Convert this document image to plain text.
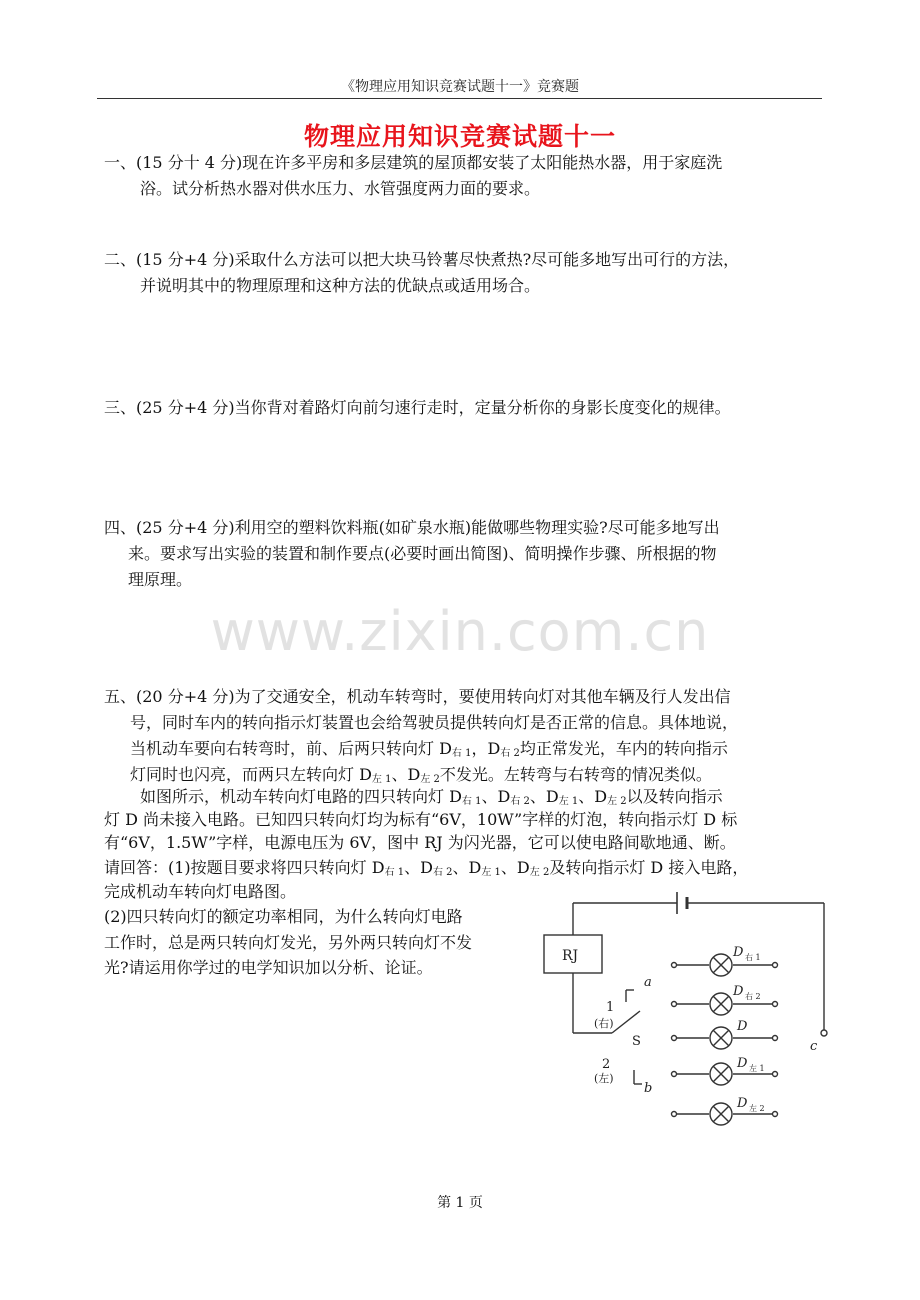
《物理应用知识竞赛试题十一》竞赛题
物理应用知识竞赛试题十一
一、(15 分十 4 分)现在许多平房和多层建筑的屋顶都安装了太阳能热水器，用于家庭洗
浴。试分析热水器对供水压力、水管强度两力面的要求。
二、(15 分+4 分)采取什么方法可以把大块马铃薯尽快煮热?尽可能多地写出可行的方法，
并说明其中的物理原理和这种方法的优缺点或适用场合。
三、(25 分+4 分)当你背对着路灯向前匀速行走时，定量分析你的身影长度变化的规律。
四、(25 分+4 分)利用空的塑料饮料瓶(如矿泉水瓶)能做哪些物理实验?尽可能多地写出
来。要求写出实验的装置和制作要点(必要时画出简图)、简明操作步骤、所根据的物
理原理。
www.zixin.com.cn
五、(20 分+4 分)为了交通安全，机动车转弯时，要使用转向灯对其他车辆及行人发出信
号，同时车内的转向指示灯装置也会给驾驶员提供转向灯是否正常的信息。具体地说，
当机动车要向右转弯时，前、后两只转向灯 $D_{右 1}$，$D_{右 2}$均正常发光，车内的转向指示
灯同时也闪亮，而两只左转向灯 $D_{左 1}$、$D_{左 2}$不发光。左转弯与右转弯的情况类似。
如图所示，机动车转向灯电路的四只转向灯 $D_{右 1}$、$D_{右 2}$、$D_{左 1}$、$D_{左 2}$以及转向指示
灯 D 尚未接入电路。已知四只转向灯均为标有“6V，10W”字样的灯泡，转向指示灯 D 标
有“6V，1.5W”字样，电源电压为 6V，图中 RJ 为闪光器，它可以使电路间歇地通、断。
请回答：(1)按题目要求将四只转向灯 $D_{右 1}$、$D_{右 2}$、$D_{左 1}$、$D_{左 2}$及转向指示灯 D 接入电路，
完成机动车转向灯电路图。
(2)四只转向灯的额定功率相同，为什么转向灯电路
工作时，总是两只转向灯发光，另外两只转向灯不发
光?请运用你学过的电学知识加以分析、论证。
RJ
a
1
(右)
S
2
(左)
b
c
D 右 1
D 右 2
D
D 左 1
D 左 2
第 1 页
